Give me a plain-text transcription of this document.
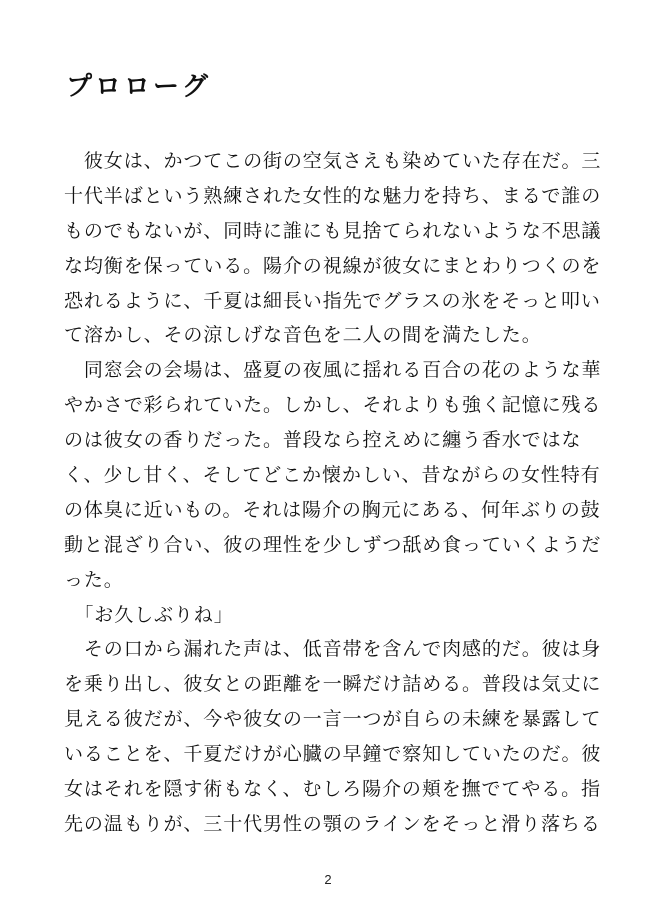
プロローグ
　彼女は、かつてこの街の空気さえも染めていた存在だ。三
十代半ばという熟練された女性的な魅力を持ち、まるで誰の
ものでもないが、同時に誰にも見捨てられないような不思議
な均衡を保っている。陽介の視線が彼女にまとわりつくのを
恐れるように、千夏は細長い指先でグラスの氷をそっと叩い
て溶かし、その涼しげな音色を二人の間を満たした。
　同窓会の会場は、盛夏の夜風に揺れる百合の花のような華
やかさで彩られていた。しかし、それよりも強く記憶に残る
のは彼女の香りだった。普段なら控えめに纏う香水ではな
く、少し甘く、そしてどこか懐かしい、昔ながらの女性特有
の体臭に近いもの。それは陽介の胸元にある、何年ぶりの鼓
動と混ざり合い、彼の理性を少しずつ舐め食っていくようだ
った。
　「お久しぶりね」
　その口から漏れた声は、低音帯を含んで肉感的だ。彼は身
を乗り出し、彼女との距離を一瞬だけ詰める。普段は気丈に
見える彼だが、今や彼女の一言一つが自らの未練を暴露して
いることを、千夏だけが心臓の早鐘で察知していたのだ。彼
女はそれを隠す術もなく、むしろ陽介の頬を撫でてやる。指
先の温もりが、三十代男性の顎のラインをそっと滑り落ちる
2
